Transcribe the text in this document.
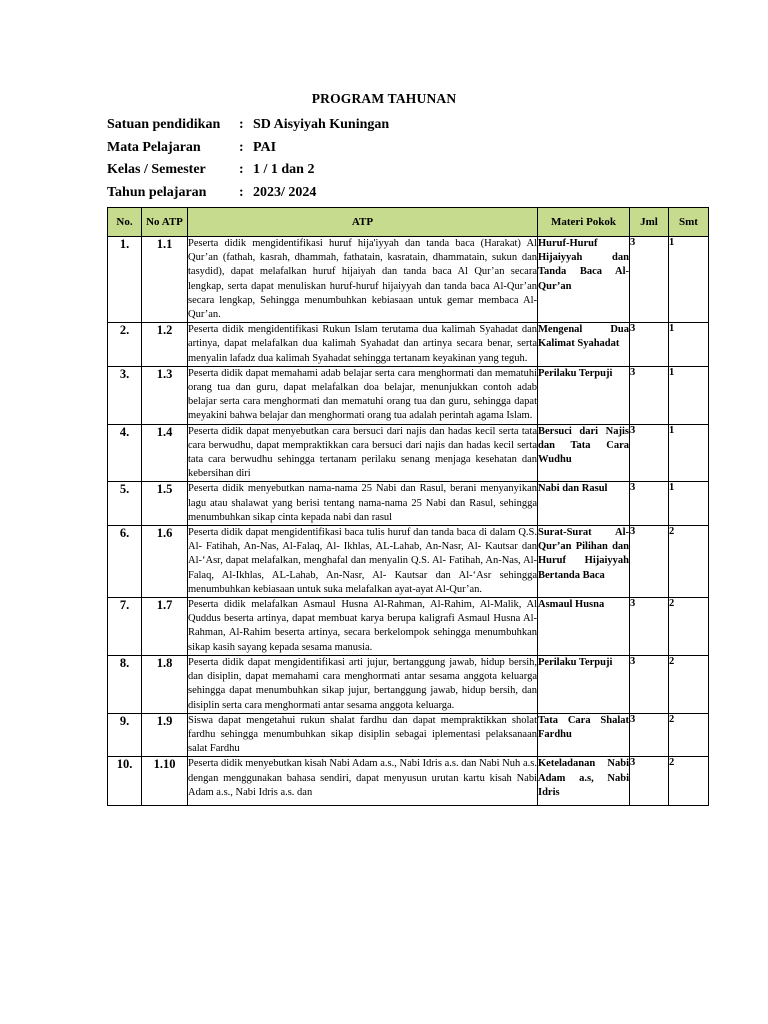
PROGRAM TAHUNAN
Satuan pendidikan : SD Aisyiyah Kuningan
Mata Pelajaran	: PAI
Kelas / Semester : 1 / 1 dan 2
Tahun pelajaran : 2023/ 2024
No.	No ATP	ATP	Materi Pokok	Jml	Smt
1.	1.1	Peserta didik mengidentifikasi huruf hija'iyyah dan tanda baca (Harakat) Al Qur’an (fathah, kasrah, dhammah, fathatain, kasratain, dhammatain, sukun dan tasydid), dapat melafalkan huruf hijaiyah dan tanda baca Al Qur’an secara lengkap, serta dapat menuliskan huruf-huruf hijaiyyah dan tanda baca Al-Qur’an secara lengkap, Sehingga menumbuhkan kebiasaan untuk gemar membaca Al-Qur’an.	Huruf-Huruf Hijaiyyah dan Tanda Baca Al-Qur’an	3	1
2.	1.2	Peserta didik mengidentifikasi Rukun Islam terutama dua kalimah Syahadat dan artinya, dapat melafalkan dua kalimah Syahadat dan artinya secara benar, serta menyalin lafadz dua kalimah Syahadat sehingga tertanam keyakinan yang teguh.	Mengenal Dua Kalimat Syahadat	3	1
3.	1.3	Peserta didik dapat memahami adab belajar serta cara menghormati dan mematuhi orang tua dan guru, dapat melafalkan doa belajar, menunjukkan contoh adab belajar serta cara menghormati dan mematuhi orang tua dan guru, sehingga dapat meyakini bahwa belajar dan menghormati orang tua adalah perintah agama Islam.	Perilaku Terpuji	3	1
4.	1.4	Peserta didik dapat menyebutkan cara bersuci dari najis dan hadas kecil serta tata cara berwudhu, dapat mempraktikkan cara bersuci dari najis dan hadas kecil serta tata cara berwudhu sehingga tertanam perilaku senang menjaga kesehatan dan kebersihan diri	Bersuci dari Najis dan Tata Cara Wudhu	3	1
5.	1.5	Peserta didik menyebutkan nama-nama 25 Nabi dan Rasul, berani menyanyikan lagu atau shalawat yang berisi tentang nama-nama 25 Nabi dan Rasul, sehingga menumbuhkan sikap cinta kepada nabi dan rasul	Nabi dan Rasul	3	1
6.	1.6	Peserta didik dapat mengidentifikasi baca tulis huruf dan tanda baca di dalam Q.S. Al- Fatihah, An-Nas, Al-Falaq, Al- Ikhlas, AL-Lahab, An-Nasr, Al- Kautsar dan Al-‘Asr, dapat melafalkan, menghafal dan menyalin Q.S. Al- Fatihah, An-Nas, Al-Falaq, Al-Ikhlas, AL-Lahab, An-Nasr, Al- Kautsar dan Al-‘Asr sehingga menumbuhkan kebiasaan untuk suka melafalkan ayat-ayat Al-Qur’an.	Surat-Surat Al-Qur’an Pilihan dan Huruf Hijaiyyah Bertanda Baca	3	2
7.	1.7	Peserta didik melafalkan Asmaul Husna Al-Rahman, Al-Rahim, Al-Malik, Al Quddus beserta artinya, dapat membuat karya berupa kaligrafi Asmaul Husna Al-Rahman, Al-Rahim beserta artinya, secara berkelompok sehingga menumbuhkan sikap kasih sayang kepada sesama manusia.	Asmaul Husna	3	2
8.	1.8	Peserta didik dapat mengidentifikasi arti jujur, bertanggung jawab, hidup bersih, dan disiplin, dapat memahami cara menghormati antar sesama anggota keluarga sehingga dapat menumbuhkan sikap jujur, bertanggung jawab, hidup bersih, dan disiplin serta cara menghormati antar sesama anggota keluarga.	Perilaku Terpuji	3	2
9.	1.9	Siswa dapat mengetahui rukun shalat fardhu dan dapat mempraktikkan sholat fardhu sehingga menumbuhkan sikap disiplin sebagai iplementasi pelaksanaan salat Fardhu	Tata Cara Shalat Fardhu	3	2
10.	1.10	Peserta didik menyebutkan kisah Nabi Adam a.s., Nabi Idris a.s. dan Nabi Nuh a.s. dengan menggunakan bahasa sendiri, dapat menyusun urutan kartu kisah Nabi Adam a.s., Nabi Idris a.s. dan	Keteladanan Nabi Adam a.s, Nabi Idris	3	2
